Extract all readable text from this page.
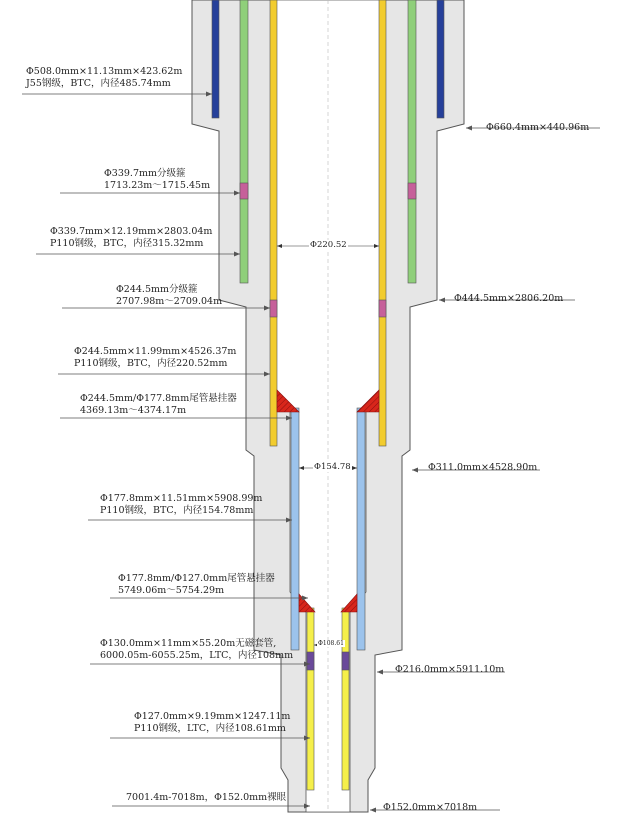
Φ508.0mm×11.13mm×423.62m
J55钢级，BTC，内径485.74mm
Φ339.7mm分级箍
1713.23m～1715.45m
Φ339.7mm×12.19mm×2803.04m
P110钢级，BTC，内径315.32mm
Φ244.5mm分级箍
2707.98m～2709.04m
Φ244.5mm×11.99mm×4526.37m
P110钢级，BTC，内径220.52mm
Φ244.5mm/Φ177.8mm尾管悬挂器
4369.13m～4374.17m
Φ177.8mm×11.51mm×5908.99m
P110钢级，BTC，内径154.78mm
Φ177.8mm/Φ127.0mm尾管悬挂器
5749.06m～5754.29m
Φ130.0mm×11mm×55.20m无磁套管,
6000.05m-6055.25m，LTC，内径108mm
Φ127.0mm×9.19mm×1247.11m
P110钢级，LTC，内径108.61mm
7001.4m-7018m，Φ152.0mm裸眼
Φ660.4mm×440.96m
Φ444.5mm×2806.20m
Φ311.0mm×4528.90m
Φ216.0mm×5911.10m
Φ152.0mm×7018m
Φ220.52
Φ154.78
Φ108.61
